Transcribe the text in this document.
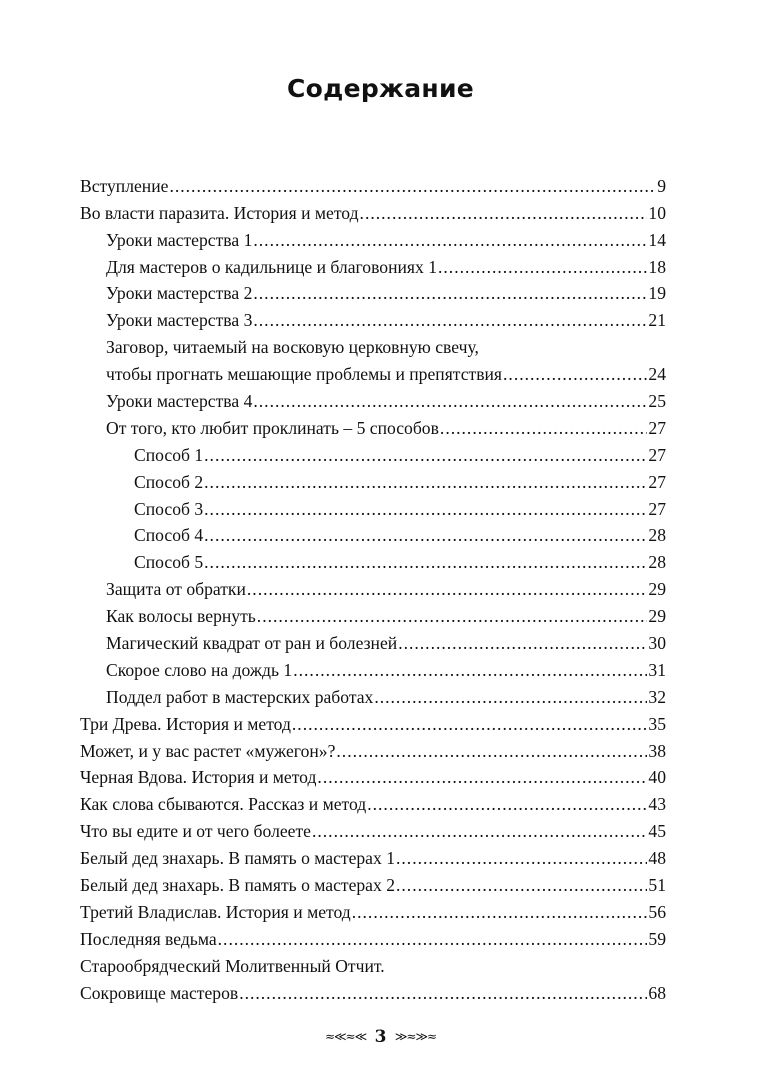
Содержание
Вступление .....	9
Во власти паразита. История и метод .....	10
Уроки мастерства 1 .....	14
Для мастеров о кадильнице и благовониях 1 .....	18
Уроки мастерства 2 .....	19
Уроки мастерства 3 .....	21
Заговор, читаемый на восковую церковную свечу,
чтобы прогнать мешающие проблемы и препятствия .....	24
Уроки мастерства 4 .....	25
От того, кто любит проклинать – 5 способов .....	27
Способ 1 .....	27
Способ 2 .....	27
Способ 3 .....	27
Способ 4 .....	28
Способ 5 .....	28
Защита от обратки .....	29
Как волосы вернуть .....	29
Магический квадрат от ран и болезней .....	30
Скорое слово на дождь 1 .....	31
Поддел работ в мастерских работах .....	32
Три Древа. История и метод .....	35
Может, и у вас растет «мужегон»? .....	38
Черная Вдова. История и метод .....	40
Как слова сбываются. Рассказ и метод .....	43
Что вы едите и от чего болеете .....	45
Белый дед знахарь. В память о мастерах 1 .....	48
Белый дед знахарь. В память о мастерах 2 .....	51
Третий Владислав. История и метод .....	56
Последняя ведьма .....	59
Старообрядческий Молитвенный Отчит.
Сокровище мастеров .....	68
≈≪≈≪ 3 ≫≈≫≈
